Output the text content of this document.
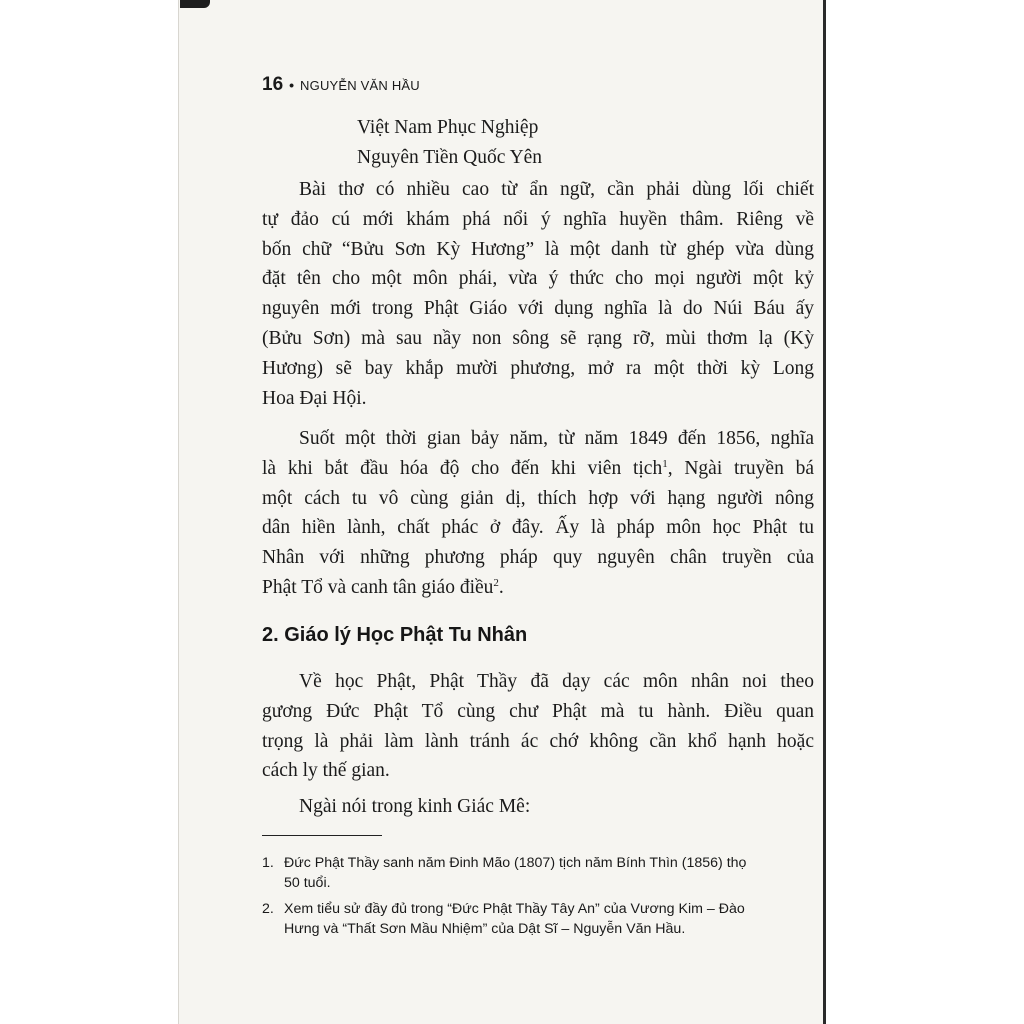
16 • NGUYỄN VĂN HẦU

Việt Nam Phục Nghiệp

Nguyên Tiền Quốc Yên

Bài thơ có nhiều cao từ ẩn ngữ, cần phải dùng lối chiết
tự đảo cú mới khám phá nổi ý nghĩa huyền thâm. Riêng về
bốn chữ “Bửu Sơn Kỳ Hương” là một danh từ ghép vừa dùng
đặt tên cho một môn phái, vừa ý thức cho mọi người một kỷ
nguyên mới trong Phật Giáo với dụng nghĩa là do Núi Báu ấy
(Bửu Sơn) mà sau nầy non sông sẽ rạng rỡ, mùi thơm lạ (Kỳ
Hương) sẽ bay khắp mười phương, mở ra một thời kỳ Long
Hoa Đại Hội.
Suốt một thời gian bảy năm, từ năm 1849 đến 1856, nghĩa
là khi bắt đầu hóa độ cho đến khi viên tịch$^1$, Ngài truyền bá
một cách tu vô cùng giản dị, thích hợp với hạng người nông
dân hiền lành, chất phác ở đây. Ấy là pháp môn học Phật tu
Nhân với những phương pháp quy nguyên chân truyền của
Phật Tổ và canh tân giáo điều$^2$.
2. Giáo lý Học Phật Tu Nhân
Về học Phật, Phật Thầy đã dạy các môn nhân noi theo
gương Đức Phật Tổ cùng chư Phật mà tu hành. Điều quan
trọng là phải làm lành tránh ác chớ không cần khổ hạnh hoặc
cách ly thế gian.
Ngài nói trong kinh Giác Mê:
1. Đức Phật Thầy sanh năm Đinh Mão (1807) tịch năm Bính Thìn (1856) thọ
50 tuổi.
2. Xem tiểu sử đầy đủ trong “Đức Phật Thầy Tây An” của Vương Kim – Đào
Hưng và “Thất Sơn Mầu Nhiệm” của Dật Sĩ – Nguyễn Văn Hầu.
